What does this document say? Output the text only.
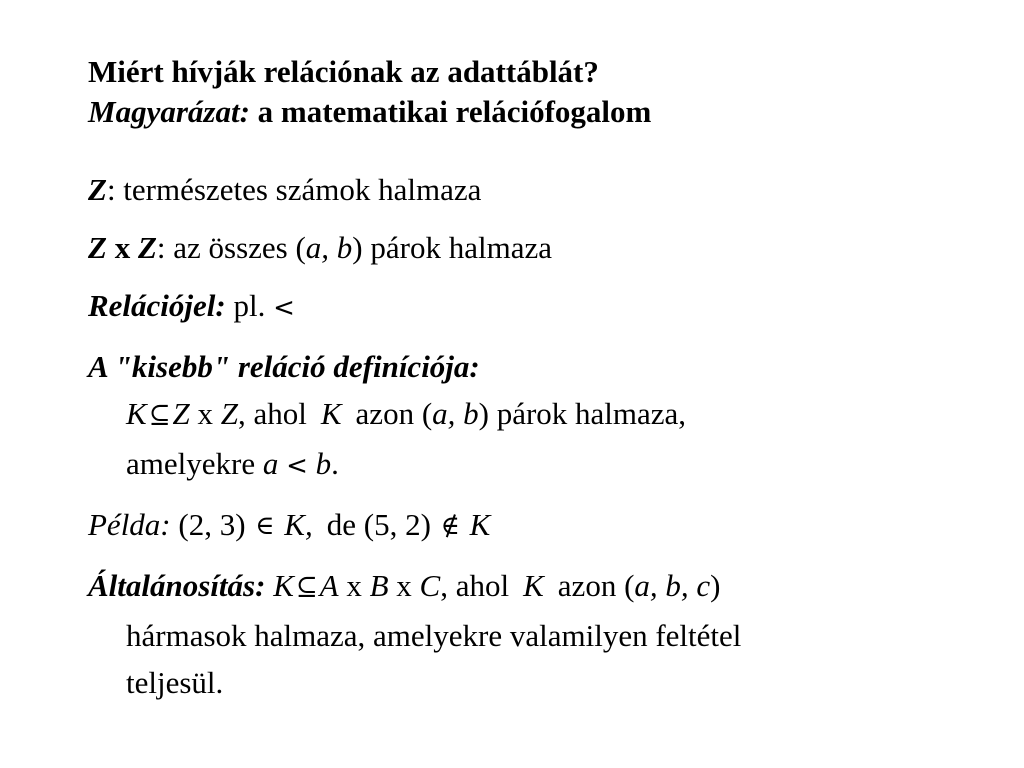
Miért hívják relációnak az adattáblát?
Magyarázat: a matematikai relációfogalom
Z: természetes számok halmaza
Z x Z: az összes (a, b) párok halmaza
Relációjel: pl. <
A "kisebb" reláció definíciója:
K⊆Z x Z, ahol K azon (a, b) párok halmaza,
amelyekre a < b.
Példa: (2, 3) ∈ K, de (5, 2) ∉ K
Általánosítás: K⊆A x B x C, ahol K azon (a, b, c)
hármasok halmaza, amelyekre valamilyen feltétel
teljesül.
